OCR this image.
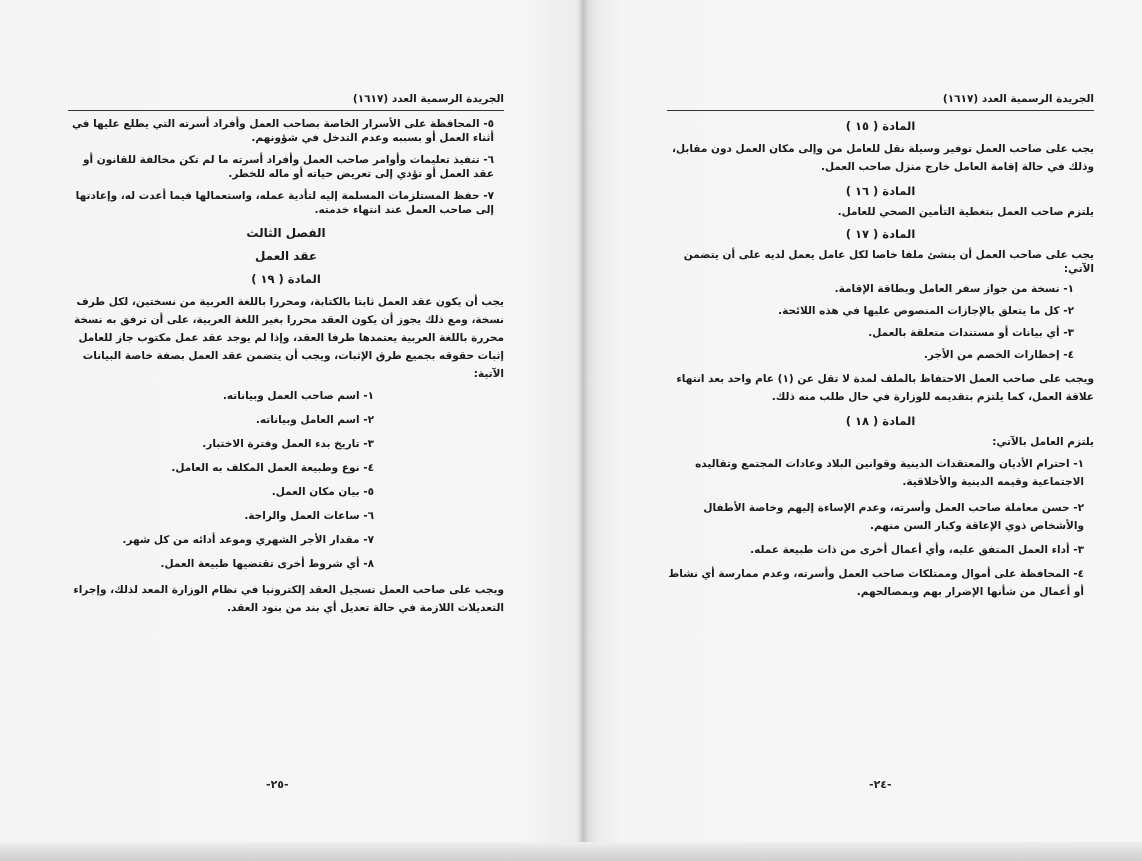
الجريدة الرسمية العدد (١٦١٧)
٥- المحافظة على الأسرار الخاصة بصاحب العمل وأفراد أسرته التي يطلع عليها في أثناء العمل أو بسببه وعدم التدخل في شؤونهم.
٦- تنفيذ تعليمات وأوامر صاحب العمل وأفراد أسرته ما لم تكن مخالفة للقانون أو عقد العمل أو تؤدي إلى تعريض حياته أو ماله للخطر.
٧- حفظ المستلزمات المسلمة إليه لتأدية عمله، واستعمالها فيما أعدت له، وإعادتها إلى صاحب العمل عند انتهاء خدمته.
الفصل الثالث
عقد العمل
المادة ( ١٩ )

يجب أن يكون عقد العمل ثابتا بالكتابة، ومحررا باللغة العربية من نسختين، لكل طرف نسخة، ومع ذلك يجوز أن يكون العقد محررا بغير اللغة العربية، على أن ترفق به نسخة محررة باللغة العربية يعتمدها طرفا العقد، وإذا لم يوجد عقد عمل مكتوب جاز للعامل إثبات حقوقه بجميع طرق الإثبات، ويجب أن يتضمن عقد العمل بصفة خاصة البيانات الآتية:

١- اسم صاحب العمل وبياناته.
٢- اسم العامل وبياناته.
٣- تاريخ بدء العمل وفترة الاختبار.
٤- نوع وطبيعة العمل المكلف به العامل.
٥- بيان مكان العمل.
٦- ساعات العمل والراحة.
٧- مقدار الأجر الشهري وموعد أدائه من كل شهر.
٨- أي شروط أخرى تقتضيها طبيعة العمل.

ويجب على صاحب العمل تسجيل العقد إلكترونيا في نظام الوزارة المعد لذلك، وإجراء التعديلات اللازمة في حالة تعديل أي بند من بنود العقد.

-٢٥-
الجريدة الرسمية العدد (١٦١٧)
المادة ( ١٥ )

يجب على صاحب العمل توفير وسيلة نقل للعامل من وإلى مكان العمل دون مقابل، وذلك في حالة إقامة العامل خارج منزل صاحب العمل.

المادة ( ١٦ )

يلتزم صاحب العمل بتغطية التأمين الصحي للعامل.

المادة ( ١٧ )

يجب على صاحب العمل أن ينشئ ملفا خاصا لكل عامل يعمل لديه على أن يتضمن الآتي:

١- نسخة من جواز سفر العامل وبطاقة الإقامة.
٢- كل ما يتعلق بالإجازات المنصوص عليها في هذه اللائحة.
٣- أي بيانات أو مستندات متعلقة بالعمل.
٤- إخطارات الخصم من الأجر.

ويجب على صاحب العمل الاحتفاظ بالملف لمدة لا تقل عن (١) عام واحد بعد انتهاء علاقة العمل، كما يلتزم بتقديمه للوزارة في حال طلب منه ذلك.

المادة ( ١٨ )

يلتزم العامل بالآتي:

١- احترام الأديان والمعتقدات الدينية وقوانين البلاد وعادات المجتمع وتقاليده الاجتماعية وقيمه الدينية والأخلاقية.
٢- حسن معاملة صاحب العمل وأسرته، وعدم الإساءة إليهم وخاصة الأطفال والأشخاص ذوي الإعاقة وكبار السن منهم.
٣- أداء العمل المتفق عليه، وأي أعمال أخرى من ذات طبيعة عمله.
٤- المحافظة على أموال وممتلكات صاحب العمل وأسرته، وعدم ممارسة أي نشاط أو أعمال من شأنها الإضرار بهم وبمصالحهم.
-٢٤-
